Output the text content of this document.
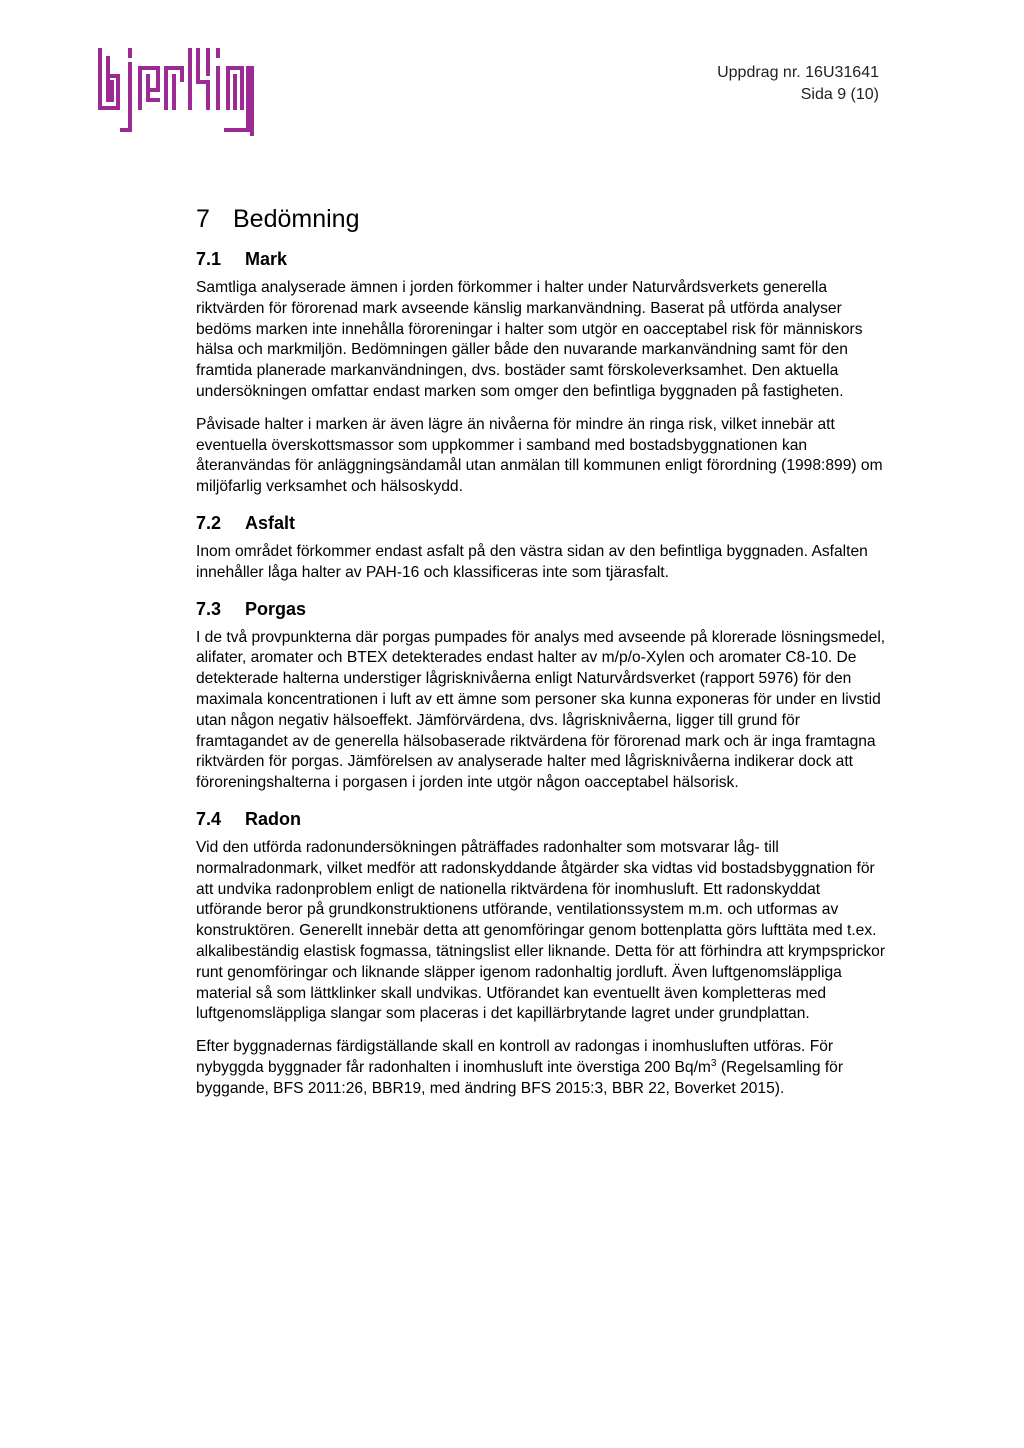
Uppdrag nr. 16U31641
Sida 9 (10)
7 Bedömning
7.1	Mark

Samtliga analyserade ämnen i jorden förkommer i halter under Naturvårdsverkets generella riktvärden för förorenad mark avseende känslig markanvändning. Baserat på utförda analyser bedöms marken inte innehålla föroreningar i halter som utgör en oacceptabel risk för människors hälsa och markmiljön. Bedömningen gäller både den nuvarande markanvändning samt för den framtida planerade markanvändningen, dvs. bostäder samt förskoleverksamhet. Den aktuella undersökningen omfattar endast marken som omger den befintliga byggnaden på fastigheten.

Påvisade halter i marken är även lägre än nivåerna för mindre än ringa risk, vilket innebär att eventuella överskottsmassor som uppkommer i samband med bostadsbyggnationen kan återanvändas för anläggningsändamål utan anmälan till kommunen enligt förordning (1998:899) om miljöfarlig verksamhet och hälsoskydd.

7.2	Asfalt

Inom området förkommer endast asfalt på den västra sidan av den befintliga byggnaden. Asfalten innehåller låga halter av PAH-16 och klassificeras inte som tjärasfalt.

7.3	Porgas

I de två provpunkterna där porgas pumpades för analys med avseende på klorerade lösningsmedel, alifater, aromater och BTEX detekterades endast halter av m/p/o-Xylen och aromater C8-10. De detekterade halterna understiger lågrisknivåerna enligt Naturvårdsverket (rapport 5976) för den maximala koncentrationen i luft av ett ämne som personer ska kunna exponeras för under en livstid utan någon negativ hälsoeffekt. Jämförvärdena, dvs. lågrisknivåerna, ligger till grund för framtagandet av de generella hälsobaserade riktvärdena för förorenad mark och är inga framtagna riktvärden för porgas. Jämförelsen av analyserade halter med lågrisknivåerna indikerar dock att föroreningshalterna i porgasen i jorden inte utgör någon oacceptabel hälsorisk.

7.4	Radon

Vid den utförda radonundersökningen påträffades radonhalter som motsvarar låg- till normalradonmark, vilket medför att radonskyddande åtgärder ska vidtas vid bostadsbyggnation för att undvika radonproblem enligt de nationella riktvärdena för inomhusluft. Ett radonskyddat utförande beror på grundkonstruktionens utförande, ventilationssystem m.m. och utformas av konstruktören. Generellt innebär detta att genomföringar genom bottenplatta görs lufttäta med t.ex. alkalibeständig elastisk fogmassa, tätningslist eller liknande. Detta för att förhindra att krympsprickor runt genomföringar och liknande släpper igenom radonhaltig jordluft. Även luftgenomsläppliga material så som lättklinker skall undvikas. Utförandet kan eventuellt även kompletteras med luftgenomsläppliga slangar som placeras i det kapillärbrytande lagret under grundplattan.

Efter byggnadernas färdigställande skall en kontroll av radongas i inomhusluften utföras. För nybyggda byggnader får radonhalten i inomhusluft inte överstiga 200 $Bq/m^3$ (Regelsamling för byggande, BFS 2011:26, BBR19, med ändring BFS 2015:3, BBR 22, Boverket 2015).
